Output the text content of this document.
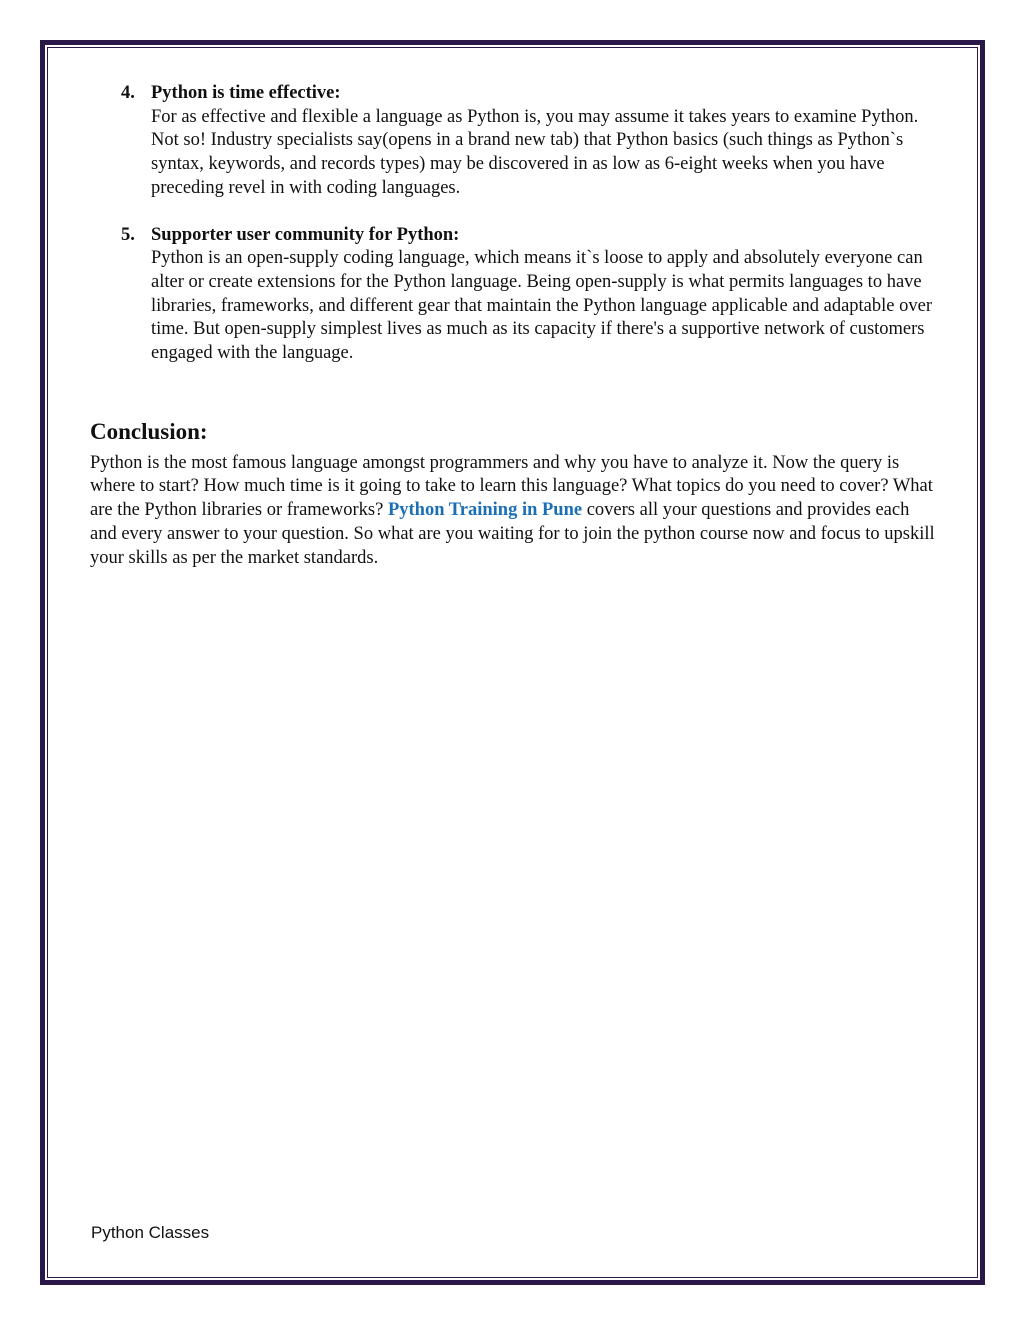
4. Python is time effective:
For as effective and flexible a language as Python is, you may assume it takes years to examine Python. Not so! Industry specialists say(opens in a brand new tab) that Python basics (such things as Python`s syntax, keywords, and records types) may be discovered in as low as 6-eight weeks when you have preceding revel in with coding languages.
5. Supporter user community for Python:
Python is an open-supply coding language, which means it`s loose to apply and absolutely everyone can alter or create extensions for the Python language. Being open-supply is what permits languages to have libraries, frameworks, and different gear that maintain the Python language applicable and adaptable over time. But open-supply simplest lives as much as its capacity if there's a supportive network of customers engaged with the language.
Conclusion:

Python is the most famous language amongst programmers and why you have to analyze it. Now the query is where to start? How much time is it going to take to learn this language? What topics do you need to cover? What are the Python libraries or frameworks? Python Training in Pune covers all your questions and provides each and every answer to your question. So what are you waiting for to join the python course now and focus to upskill your skills as per the market standards.

Python Classes
